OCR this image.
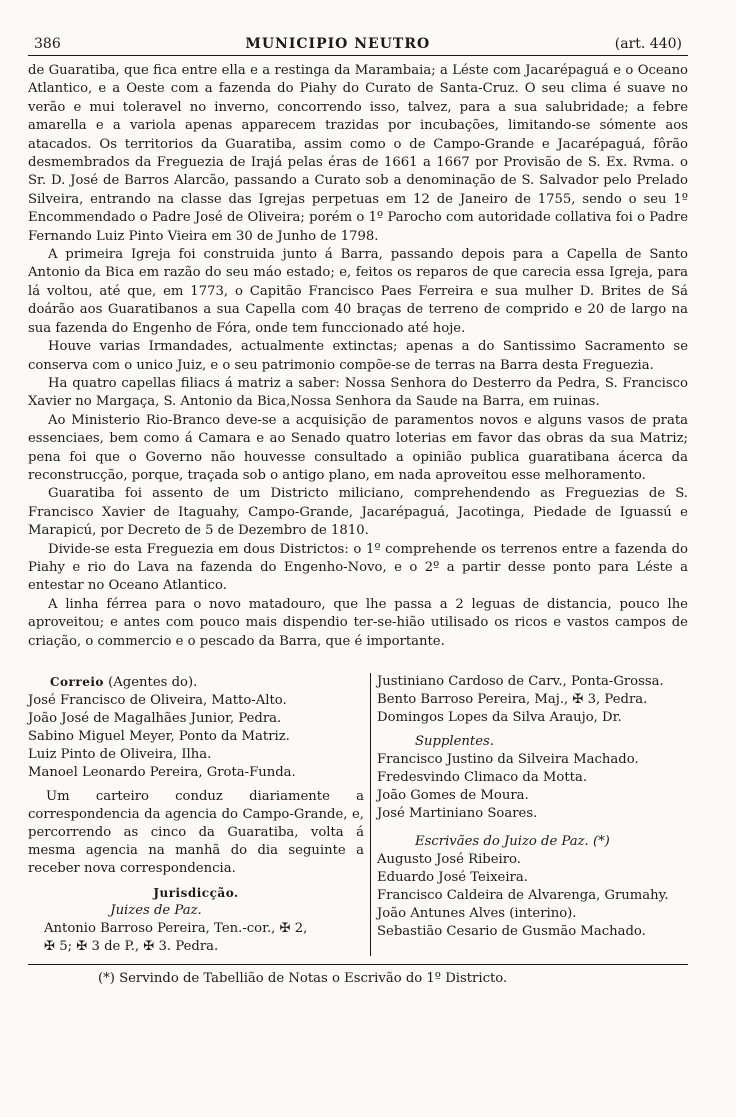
386	MUNICIPIO NEUTRO	(art. 440)

de Guaratiba, que fica entre ella e a restinga da Marambaia; a Léste com Jacarépaguá e o Oceano Atlantico, e a Oeste com a fazenda do Piahy do Curato de Santa-Cruz. O seu clima é suave no verão e mui toleravel no inverno, concorrendo isso, talvez, para a sua salubridade; a febre amarella e a variola apenas apparecem trazidas por incubações, limitando-se sómente aos atacados. Os territorios da Guaratiba, assim como o de Campo-Grande e Jacarépaguá, fôrão desmembrados da Freguezia de Irajá pelas éras de 1661 a 1667 por Provisão de S. Ex. Rvma. o Sr. D. José de Barros Alarcão, passando a Curato sob a denominação de S. Salvador pelo Prelado Silveira, entrando na classe das Igrejas perpetuas em 12 de Janeiro de 1755, sendo o seu 1º Encommendado o Padre José de Oliveira; porém o 1º Parocho com autoridade collativa foi o Padre Fernando Luiz Pinto Vieira em 30 de Junho de 1798.

A primeira Igreja foi construida junto á Barra, passando depois para a Capella de Santo Antonio da Bica em razão do seu máo estado; e, feitos os reparos de que carecia essa Igreja, para lá voltou, até que, em 1773, o Capitão Francisco Paes Ferreira e sua mulher D. Brites de Sá doárão aos Guaratibanos a sua Capella com 40 braças de terreno de comprido e 20 de largo na sua fazenda do Engenho de Fóra, onde tem funccionado até hoje.

Houve varias Irmandades, actualmente extinctas; apenas a do Santissimo Sacramento se conserva com o unico Juiz, e o seu patrimonio compõe-se de terras na Barra desta Freguezia.

Ha quatro capellas filiacs á matriz a saber: Nossa Senhora do Desterro da Pedra, S. Francisco Xavier no Margaça, S. Antonio da Bica,Nossa Senhora da Saude na Barra, em ruinas.

Ao Ministerio Rio-Branco deve-se a acquisição de paramentos novos e alguns vasos de prata essenciaes, bem como á Camara e ao Senado quatro loterias em favor das obras da sua Matriz; pena foi que o Governo não houvesse consultado a opinião publica guaratibana ácerca da reconstrucção, porque, traçada sob o antigo plano, em nada aproveitou esse melhoramento.

Guaratiba foi assento de um Districto miliciano, comprehendendo as Freguezias de S. Francisco Xavier de Itaguahy, Campo-Grande, Jacarépaguá, Jacotinga, Piedade de Iguassú e Marapicú, por Decreto de 5 de Dezembro de 1810.

Divide-se esta Freguezia em dous Districtos: o 1º comprehende os terrenos entre a fazenda do Piahy e rio do Lava na fazenda do Engenho-Novo, e o 2º a partir desse ponto para Léste a entestar no Oceano Atlantico.

A linha férrea para o novo matadouro, que lhe passa a 2 leguas de distancia, pouco lhe aproveitou; e antes com pouco mais dispendio ter-se-hião utilisado os ricos e vastos campos de criação, o commercio e o pescado da Barra, que é importante.

Correio (Agentes do).
José Francisco de Oliveira, Matto-Alto.
João José de Magalhães Junior, Pedra.
Sabino Miguel Meyer, Ponto da Matriz.
Luiz Pinto de Oliveira, Ilha.
Manoel Leonardo Pereira, Grota-Funda.
Um carteiro conduz diariamente a correspondencia da agencia do Campo-Grande, e, percorrendo as cinco da Guaratiba, volta á mesma agencia na manhã do dia seguinte a receber nova correspondencia.
Jurisdicção.
Juizes de Paz.
Antonio Barroso Pereira, Ten.-cor., ✠ 2,
✠ 5; ✠ 3 de P., ✠ 3. Pedra.
Justiniano Cardoso de Carv., Ponta-Grossa.
Bento Barroso Pereira, Maj., ✠ 3, Pedra.
Domingos Lopes da Silva Araujo, Dr.
Supplentes.
Francisco Justino da Silveira Machado.
Fredesvindo Climaco da Motta.
João Gomes de Moura.
José Martiniano Soares.
Escrivães do Juizo de Paz. (*)
Augusto José Ribeiro.
Eduardo José Teixeira.
Francisco Caldeira de Alvarenga, Grumahy.
João Antunes Alves (interino).
Sebastião Cesario de Gusmão Machado.
(*) Servindo de Tabellião de Notas o Escrivão do 1º Districto.
